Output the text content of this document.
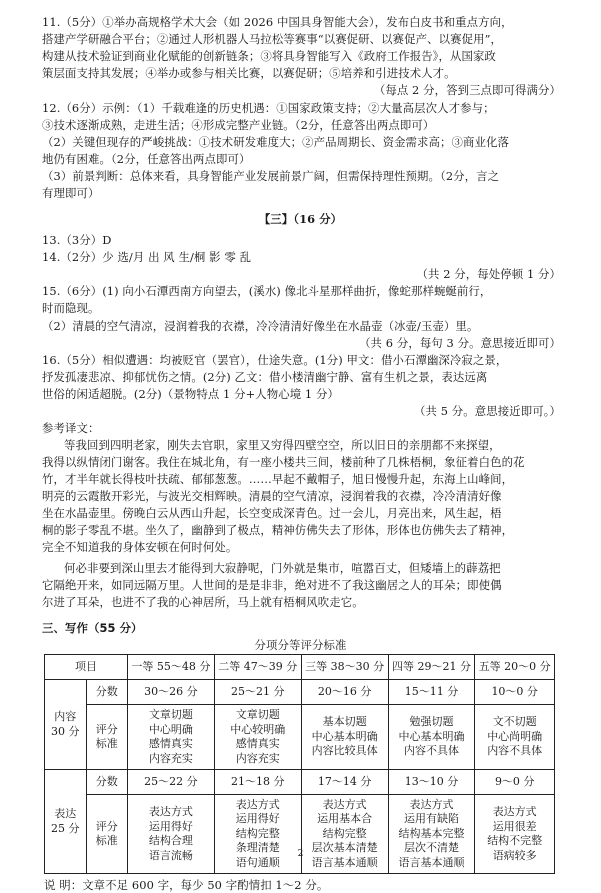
11.（5分）①举办高规格学术大会（如 2026 中国具身智能大会），发布白皮书和重点方向，
搭建产学研融合平台；②通过人形机器人马拉松等赛事“以赛促研、以赛促产、以赛促用”，
构建从技术验证到商业化赋能的创新链条；③将具身智能写入《政府工作报告》，从国家政
策层面支持其发展；④举办或参与相关比赛，以赛促研；⑤培养和引进技术人才。
（每点 2 分，答到三点即可得满分）
12.（6分）示例：（1）千载难逢的历史机遇：①国家政策支持；②大量高层次人才参与；
③技术逐渐成熟，走进生活；④形成完整产业链。（2分，任意答出两点即可）
（2）关键但现存的严峻挑战：①技术研发难度大；②产品周期长、资金需求高；③商业化落
地仍有困难。（2分，任意答出两点即可）
（3）前景判断：总体来看，具身智能产业发展前景广阔，但需保持理性预期。（2分，言之
有理即可）
【三】（16 分）
13.（3分）D
14.（2分）少 选/月 出 风 生/桐 影 零 乱
（共 2 分，每处停顿 1 分）
15.（6分）(1) 向小石潭西南方向望去，(溪水) 像北斗星那样曲折，像蛇那样蜿蜒前行，
时而隐现。
（2）清晨的空气清凉，浸润着我的衣襟，冷冷清清好像坐在水晶壶（冰壶/玉壶）里。
（共 6 分，每句 3 分。意思接近即可）
16.（5分）相似遭遇：均被贬官（罢官），仕途失意。(1分) 甲文：借小石潭幽深冷寂之景，
抒发孤凄悲凉、抑郁忧伤之情。(2分) 乙文：借小楼清幽宁静、富有生机之景，表达远离
世俗的闲适超脱。(2分)（景物特点 1 分+人物心境 1 分）
（共 5 分。意思接近即可。）
参考译文：
等我回到四明老家，刚失去官职，家里又穷得四壁空空，所以旧日的亲朋都不来探望，
我得以纵情闭门谢客。我住在城北角，有一座小楼共三间，楼前种了几株梧桐，象征着白色的花
竹，才半年就长得枝叶扶疏、郁郁葱葱。……早起不戴帽子，旭日慢慢升起，东海上山峰间，
明亮的云霞散开彩光，与波光交相辉映。清晨的空气清凉，浸润着我的衣襟，冷冷清清好像
坐在水晶壶里。傍晚白云从西山升起，长空变成深青色。过一会儿，月亮出来，风生起，梧
桐的影子零乱不堪。坐久了，幽静到了极点，精神仿佛失去了形体，形体也仿佛失去了精神，
完全不知道我的身体安顿在何时何处。
何必非要到深山里去才能得到大寂静呢，门外就是集市，喧嚣百丈，但矮墙上的薜荔把
它隔绝开来，如同远隔万里。人世间的是是非非，绝对进不了我这幽居之人的耳朵；即使偶
尔进了耳朵，也进不了我的心神居所，马上就有梧桐风吹走它。
三、写作（55 分）
分项分等评分标准
项目		一等 55～48 分	二等 47～39 分	三等 38～30 分	四等 29～21 分	五等 20～0 分
内容
30 分	分数	30～26 分	25～21 分	20～16 分	15～11 分	10～0 分
	评分
标准	文章切题
中心明确
感情真实
内容充实	文章切题
中心较明确
感情真实
内容充实	基本切题
中心基本明确
内容比较具体	勉强切题
中心基本明确
内容不具体	文不切题
中心尚明确
内容不具体

表达
25 分	分数	25～22 分	21～18 分	17～14 分	13～10 分	9～0 分
	评分
标准	表达方式
运用得好
结构合理
语言流畅	表达方式
运用得好
结构完整
条理清楚
语句通顺	表达方式
运用基本合
结构完整
层次基本清楚
语言基本通顺	表达方式
运用有缺陷
结构基本完整
层次不清楚
语言基本通顺	表达方式
运用很差
结构不完整
语病较多
说 明：文章不足 600 字，每少 50 字酌情扣 1～2 分。
2
